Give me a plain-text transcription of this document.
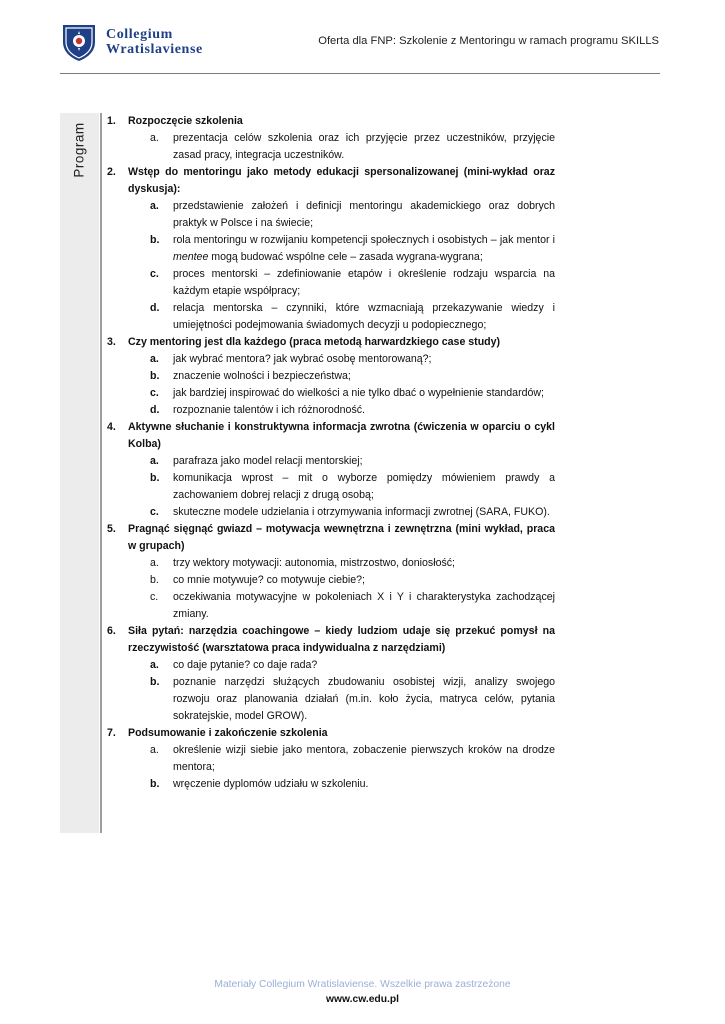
Collegium
Wratislaviense
Oferta dla FNP: Szkolenie z Mentoringu w ramach programu SKILLS
Program
1.	Rozpoczęcie szkolenia
a.	prezentacja celów szkolenia oraz ich przyjęcie przez uczestników, przyjęcie zasad pracy, integracja uczestników.
2.	Wstęp do mentoringu jako metody edukacji spersonalizowanej (mini-wykład oraz dyskusja):
a.	przedstawienie założeń i definicji mentoringu akademickiego oraz dobrych praktyk w Polsce i na świecie;
b.	rola mentoringu w rozwijaniu kompetencji społecznych i osobistych – jak mentor i mentee mogą budować wspólne cele – zasada wygrana-wygrana;
c.	proces mentorski – zdefiniowanie etapów i określenie rodzaju wsparcia na każdym etapie współpracy;
d.	relacja mentorska – czynniki, które wzmacniają przekazywanie wiedzy i umiejętności podejmowania świadomych decyzji u podopiecznego;
3.	Czy mentoring jest dla każdego (praca metodą harwardzkiego case study)
a.	jak wybrać mentora? jak wybrać osobę mentorowaną?;
b.	znaczenie wolności i bezpieczeństwa;
c.	jak bardziej inspirować do wielkości a nie tylko dbać o wypełnienie standardów;
d.	rozpoznanie talentów i ich różnorodność.
4.	Aktywne słuchanie i konstruktywna informacja zwrotna (ćwiczenia w oparciu o cykl Kolba)
a.	parafraza jako model relacji mentorskiej;
b.	komunikacja wprost – mit o wyborze pomiędzy mówieniem prawdy a zachowaniem dobrej relacji z drugą osobą;
c.	skuteczne modele udzielania i otrzymywania informacji zwrotnej (SARA, FUKO).
5.	Pragnąć sięgnąć gwiazd – motywacja wewnętrzna i zewnętrzna (mini wykład, praca w grupach)
a.	trzy wektory motywacji: autonomia, mistrzostwo, doniosłość;
b.	co mnie motywuje? co motywuje ciebie?;
c.	oczekiwania motywacyjne w pokoleniach X i Y i charakterystyka zachodzącej zmiany.
6.	Siła pytań: narzędzia coachingowe – kiedy ludziom udaje się przekuć pomysł na rzeczywistość (warsztatowa praca indywidualna z narzędziami)
a.	co daje pytanie? co daje rada?
b.	poznanie narzędzi służących zbudowaniu osobistej wizji, analizy swojego rozwoju oraz planowania działań (m.in. koło życia, matryca celów, pytania sokratejskie, model GROW).
7.	Podsumowanie i zakończenie szkolenia
a.	określenie wizji siebie jako mentora, zobaczenie pierwszych kroków na drodze mentora;
b.	wręczenie dyplomów udziału w szkoleniu.
Materiały Collegium Wratislaviense. Wszelkie prawa zastrzeżone
www.cw.edu.pl
